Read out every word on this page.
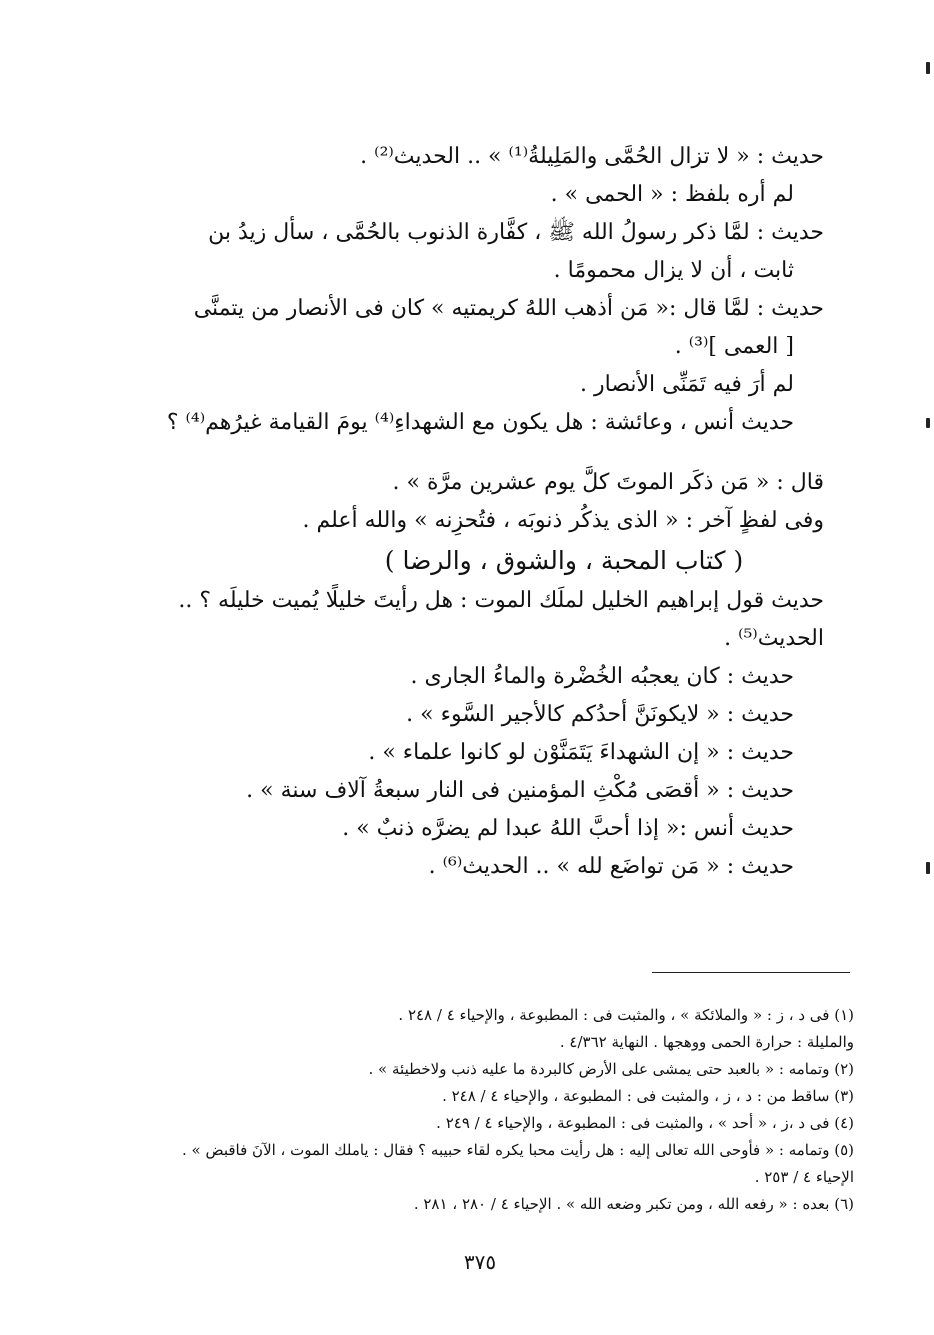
حديث : « لا تزال الحُمَّى والمَلِيلةُ⁽¹⁾ » .. الحديث⁽²⁾ .
لم أره بلفظ : « الحمى » .
حديث : لمَّا ذكر رسولُ الله ﷺ ، كفَّارة الذنوب بالحُمَّى ، سأل زيدُ بن
ثابت ، أن لا يزال محمومًا .
حديث : لمَّا قال :« مَن أذهب اللهُ كريمتيه » كان فى الأنصار من يتمنَّى
[ العمى ]⁽³⁾ .
لم أرَ فيه تَمَنِّى الأنصار .
حديث أنس ، وعائشة : هل يكون مع الشهداءِ⁽⁴⁾ يومَ القيامة غيرُهم⁽⁴⁾ ؟
قال : « مَن ذكَر الموتَ كلَّ يوم عشرين مرَّة » .
وفى لفظٍ آخر : « الذى يذكُر ذنوبَه ، فتُحزِنه » والله أعلم .
( كتاب المحبة ، والشوق ، والرضا )
حديث قول إبراهيم الخليل لملَك الموت : هل رأيتَ خليلًا يُميت خليلَه ؟ ..
الحديث⁽⁵⁾ .
حديث : كان يعجبُه الخُضْرة والماءُ الجارى .
حديث : « لايكونَنَّ أحدُكم كالأجير السَّوء » .
حديث : « إن الشهداءَ يَتَمَنَّوْن لو كانوا علماء » .
حديث : « أقصَى مُكْثِ المؤمنين فى النار سبعةُ آلاف سنة » .
حديث أنس :« إذا أحبَّ اللهُ عبدا لم يضرَّه ذنبٌ » .
حديث : « مَن تواضَع لله » .. الحديث⁽⁶⁾ .
(١) فى د ، ز : « والملائكة » ، والمثبت فى : المطبوعة ، والإحياء ٤ / ٢٤٨ .
والمليلة : حرارة الحمى ووهجها . النهاية ٤/٣٦٢ .
(٢) وتمامه : « بالعبد حتى يمشى على الأرض كالبردة ما عليه ذنب ولاخطيئة » .
(٣) ساقط من : د ، ز ، والمثبت فى : المطبوعة ، والإحياء ٤ / ٢٤٨ .
(٤) فى د ،ز ، « أحد » ، والمثبت فى : المطبوعة ، والإحياء ٤ / ٢٤٩ .
(٥) وتمامه : « فأوحى الله تعالى إليه : هل رأيت محبا يكره لقاء حبيبه ؟ فقال : ياملك الموت ، الآنَ فاقبض » .
الإحياء ٤ / ٢٥٣ .
(٦) بعده : « رفعه الله ، ومن تكبر وضعه الله » . الإحياء ٤ / ٢٨٠ ، ٢٨١ .
٣٧٥
